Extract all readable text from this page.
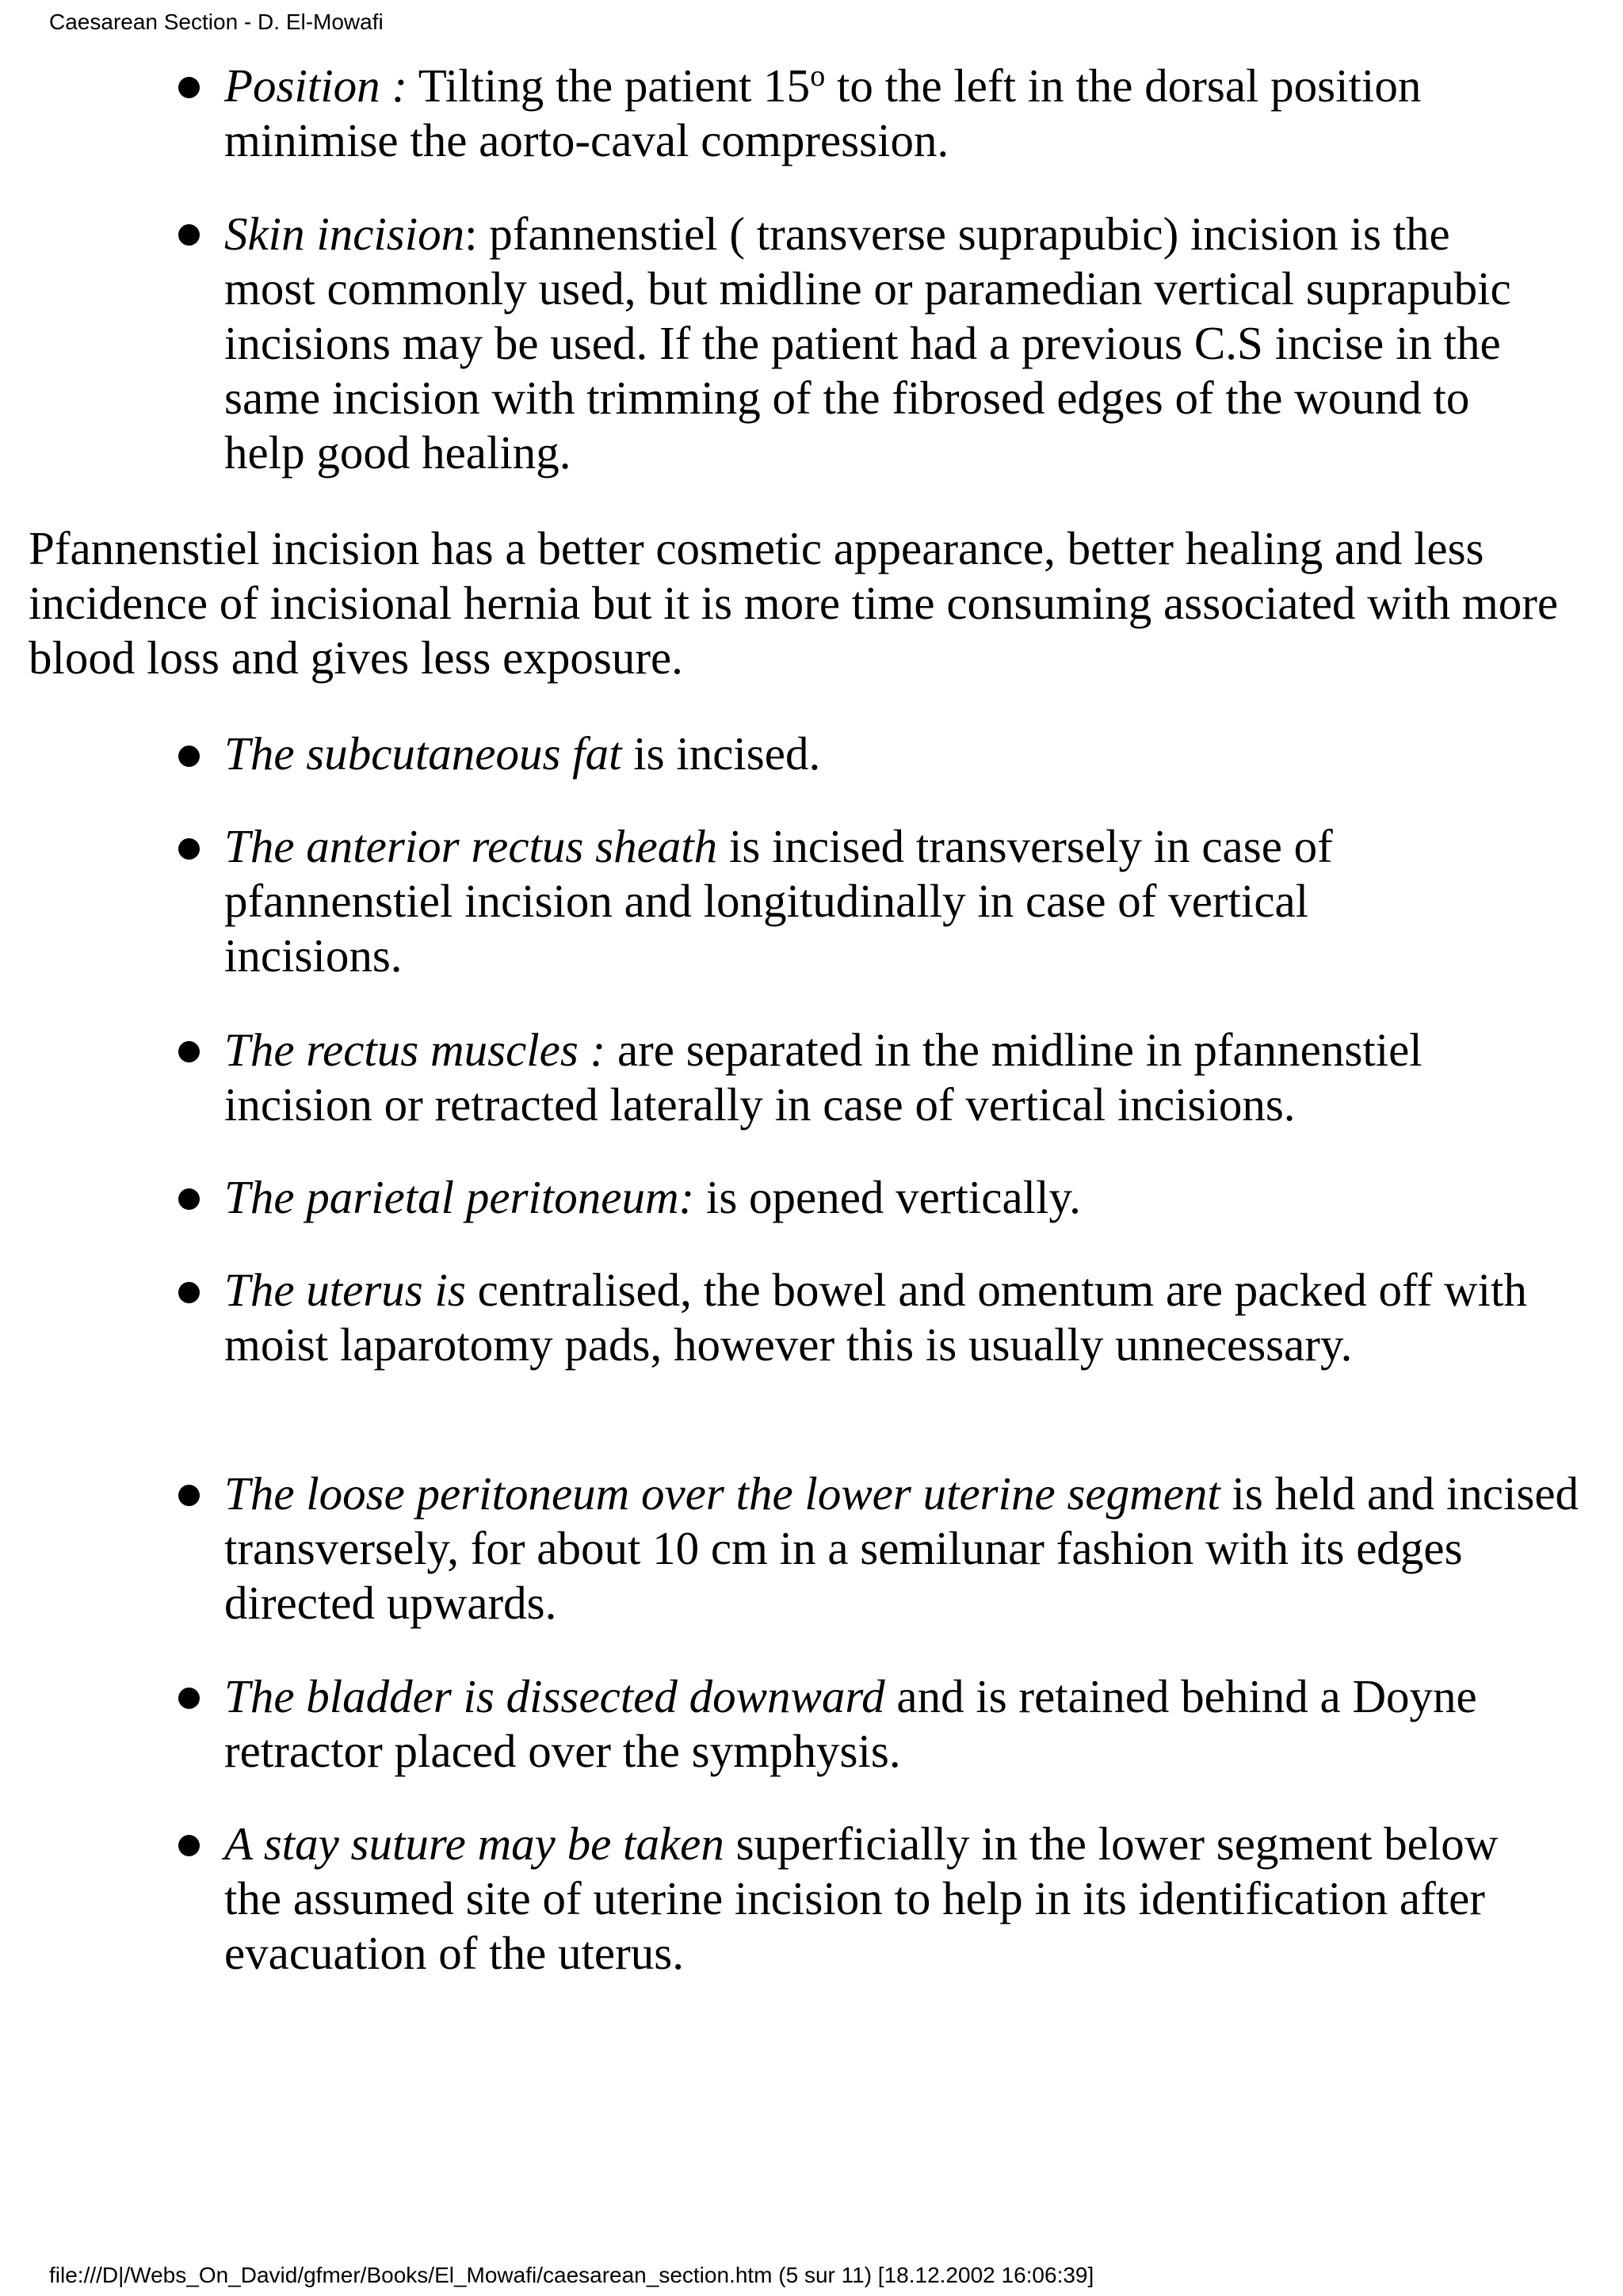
Caesarean Section - D. El-Mowafi
Position : Tilting the patient 15$^o$ to the left in the dorsal position minimise the aorto-caval compression.
Skin incision: pfannenstiel ( transverse suprapubic) incision is the most commonly used, but midline or paramedian vertical suprapubic incisions may be used. If the patient had a previous C.S incise in the same incision with trimming of the fibrosed edges of the wound to help good healing.
Pfannenstiel incision has a better cosmetic appearance, better healing and less incidence of incisional hernia but it is more time consuming associated with more blood loss and gives less exposure.
The subcutaneous fat is incised.
The anterior rectus sheath is incised transversely in case of pfannenstiel incision and longitudinally in case of vertical incisions.
The rectus muscles : are separated in the midline in pfannenstiel incision or retracted laterally in case of vertical incisions.
The parietal peritoneum: is opened vertically.
The uterus is centralised, the bowel and omentum are packed off with moist laparotomy pads, however this is usually unnecessary.
The loose peritoneum over the lower uterine segment is held and incised transversely, for about 10 cm in a semilunar fashion with its edges directed upwards.
The bladder is dissected downward and is retained behind a Doyne retractor placed over the symphysis.
A stay suture may be taken superficially in the lower segment below the assumed site of uterine incision to help in its identification after evacuation of the uterus.
file:///D|/Webs_On_David/gfmer/Books/El_Mowafi/caesarean_section.htm (5 sur 11) [18.12.2002 16:06:39]
